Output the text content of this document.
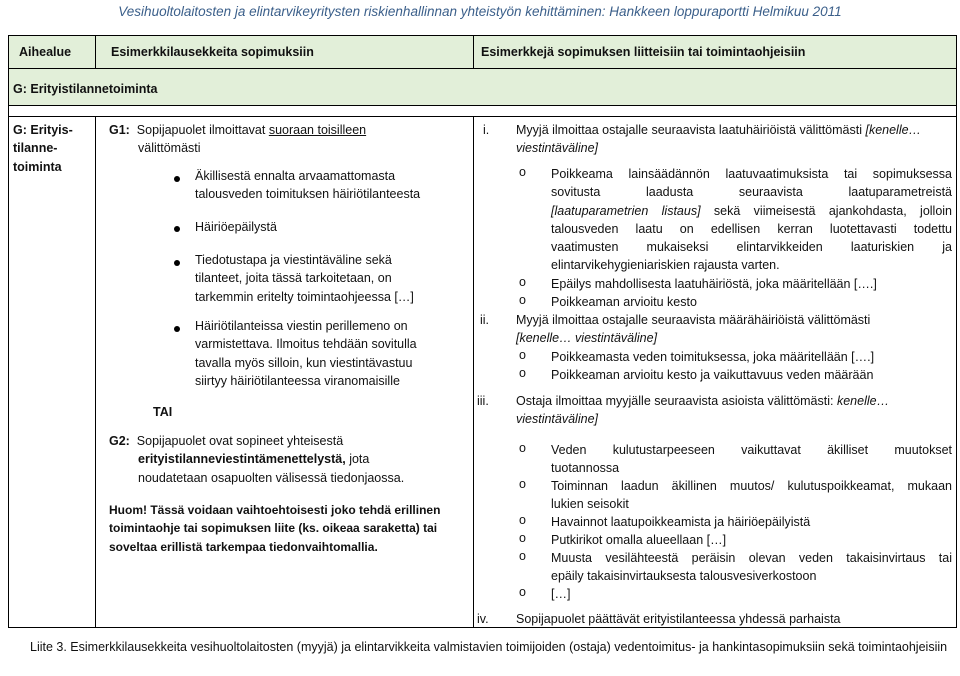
Vesihuoltolaitosten ja elintarvikeyritysten riskienhallinnan yhteistyön kehittäminen: Hankkeen loppuraportti Helmikuu 2011
Aihealue	Esimerkkilausekkeita sopimuksiin	Esimerkkejä sopimuksen liitteisiin tai toimintaohjeisiin
G: Erityistilannetoiminta
G: Erityis-
tilanne-
toiminta
G1: Sopijapuolet ilmoittavat suoraan toisilleen
välittömästi
Äkillisestä ennalta arvaamattomasta
talousveden toimituksen häiriötilanteesta
Häiriöepäilystä
Tiedotustapa ja viestintäväline sekä
tilanteet, joita tässä tarkoitetaan, on
tarkemmin eritelty toimintaohjeessa […]
Häiriötilanteissa viestin perillemeno on
varmistettava. Ilmoitus tehdään sovitulla
tavalla myös silloin, kun viestintävastuu
siirtyy häiriötilanteessa viranomaisille
TAI
G2: Sopijapuolet ovat sopineet yhteisestä
erityistilanneviestintämenettelystä, jota
noudatetaan osapuolten välisessä tiedonjaossa.
Huom! Tässä voidaan vaihtoehtoisesti joko tehdä erillinen
toimintaohje tai sopimuksen liite (ks. oikeaa saraketta) tai
soveltaa erillistä tarkempaa tiedonvaihtomallia.
i. Myyjä ilmoittaa ostajalle seuraavista laatuhäiriöistä välittömästi [kenelle…
viestintäväline]
o Poikkeama lainsäädännön laatuvaatimuksista tai sopimuksessa
sovitusta laadusta seuraavista laatuparametreistä
[laatuparametrien listaus] sekä viimeisestä ajankohdasta, jolloin
talousveden laatu on edellisen kerran luotettavasti todettu
vaatimusten mukaiseksi elintarvikkeiden laaturiskien ja
elintarvikehygieniariskien rajausta varten.
o Epäilys mahdollisesta laatuhäiriöstä, joka määritellään [….]
o Poikkeaman arvioitu kesto
ii. Myyjä ilmoittaa ostajalle seuraavista määrähäiriöistä välittömästi
[kenelle… viestintäväline]
o Poikkeamasta veden toimituksessa, joka määritellään [….]
o Poikkeaman arvioitu kesto ja vaikuttavuus veden määrään
iii. Ostaja ilmoittaa myyjälle seuraavista asioista välittömästi: kenelle…
viestintäväline]
o Veden kulutustarpeeseen vaikuttavat äkilliset muutokset
tuotannossa
o Toiminnan laadun äkillinen muutos/ kulutuspoikkeamat, mukaan
lukien seisokit
o Havainnot laatupoikkeamista ja häiriöepäilyistä
o Putkirikot omalla alueellaan […]
o Muusta vesilähteestä peräisin olevan veden takaisinvirtaus tai
epäily takaisinvirtauksesta talousvesiverkostoon
o […]
iv. Sopijapuolet päättävät erityistilanteessa yhdessä parhaista
Liite 3. Esimerkkilausekkeita vesihuoltolaitosten (myyjä) ja elintarvikkeita valmistavien toimijoiden (ostaja) vedentoimitus- ja hankintasopimuksiin sekä toimintaohjeisiin
